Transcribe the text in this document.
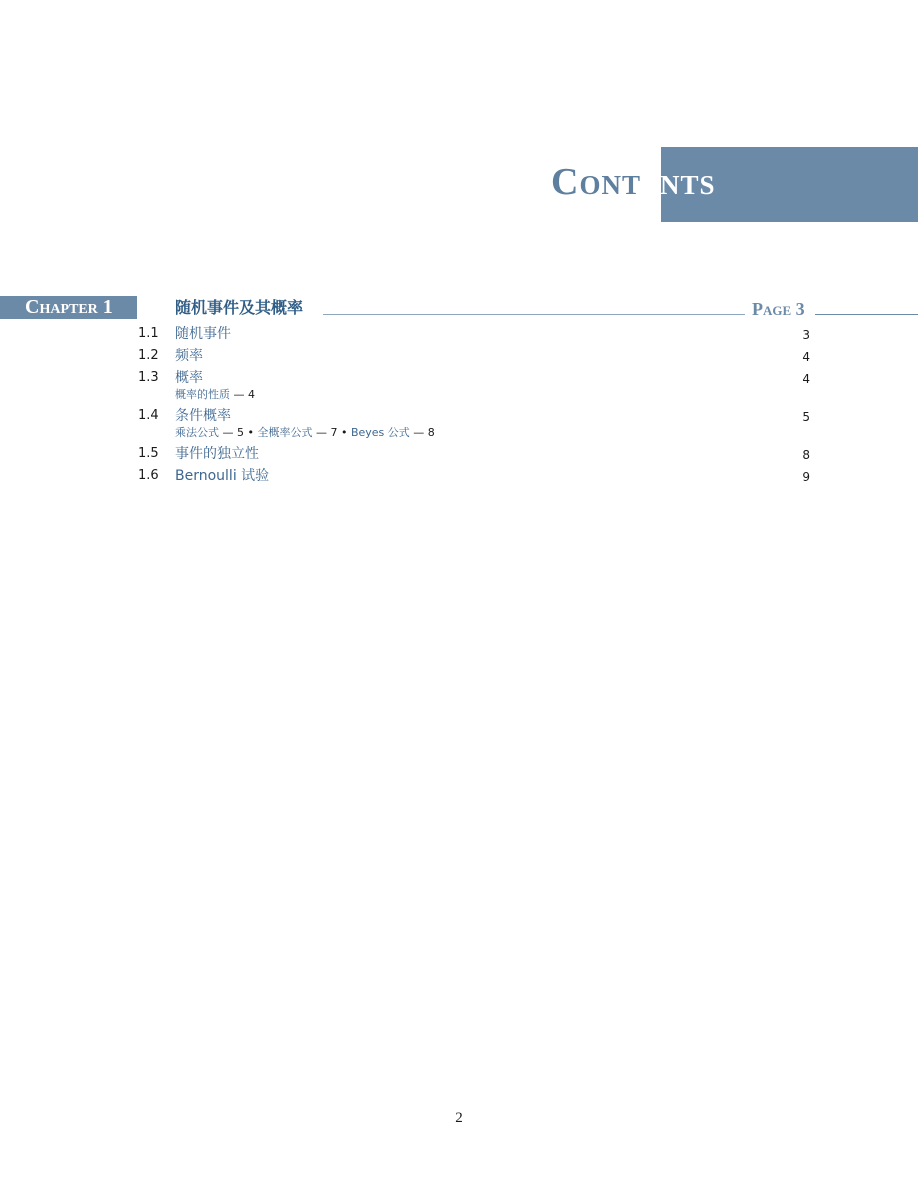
Contents
Chapter 1	随机事件及其概率	Page 3
1.1 随机事件	3
1.2 频率	4
1.3 概率	4
概率的性质 — 4
1.4 条件概率	5
乘法公式 — 5 • 全概率公式 — 7 • Beyes 公式 — 8
1.5 事件的独立性	8
1.6 Bernoulli 试验	9
2
